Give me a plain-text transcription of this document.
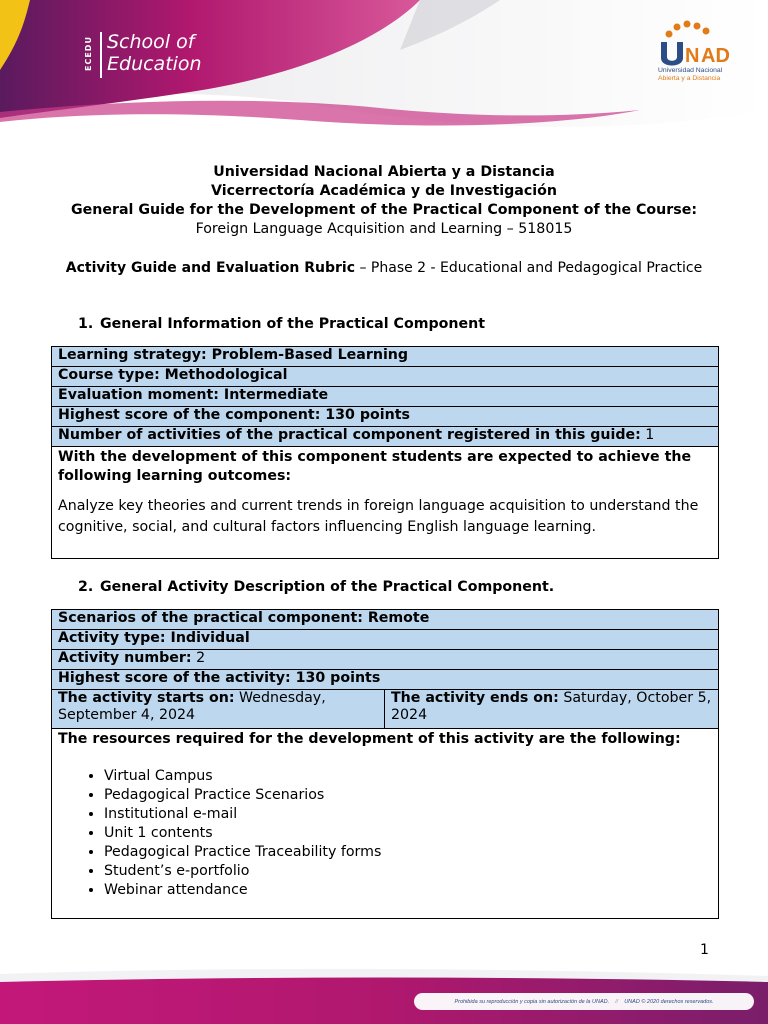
ECEDU School of
Education	N AD
Universidad Nacional
Abierta y a Distancia
Universidad Nacional Abierta y a Distancia
Vicerrectoría Académica y de Investigación
General Guide for the Development of the Practical Component of the Course:
Foreign Language Acquisition and Learning – 518015
Activity Guide and Evaluation Rubric – Phase 2 - Educational and Pedagogical Practice
1. General Information of the Practical Component
Learning strategy: Problem-Based Learning
Course type: Methodological
Evaluation moment: Intermediate
Highest score of the component: 130 points
Number of activities of the practical component registered in this guide: 1

With the development of this component students are expected to achieve the following learning outcomes:
Analyze key theories and current trends in foreign language acquisition to understand the cognitive, social, and cultural factors influencing English language learning.
2. General Activity Description of the Practical Component.
Scenarios of the practical component: Remote
Activity type: Individual
Activity number: 2
Highest score of the activity: 130 points
The activity starts on: Wednesday, September 4, 2024	The activity ends on: Saturday, October 5, 2024

The resources required for the development of this activity are the following:
• Virtual Campus
• Pedagogical Practice Scenarios
• Institutional e-mail
• Unit 1 contents
• Pedagogical Practice Traceability forms
• Student’s e-portfolio
• Webinar attendance
1
Prohibida su reproducción y copia sin autorización de la UNAD. // UNAD © 2020 derechos reservados.
